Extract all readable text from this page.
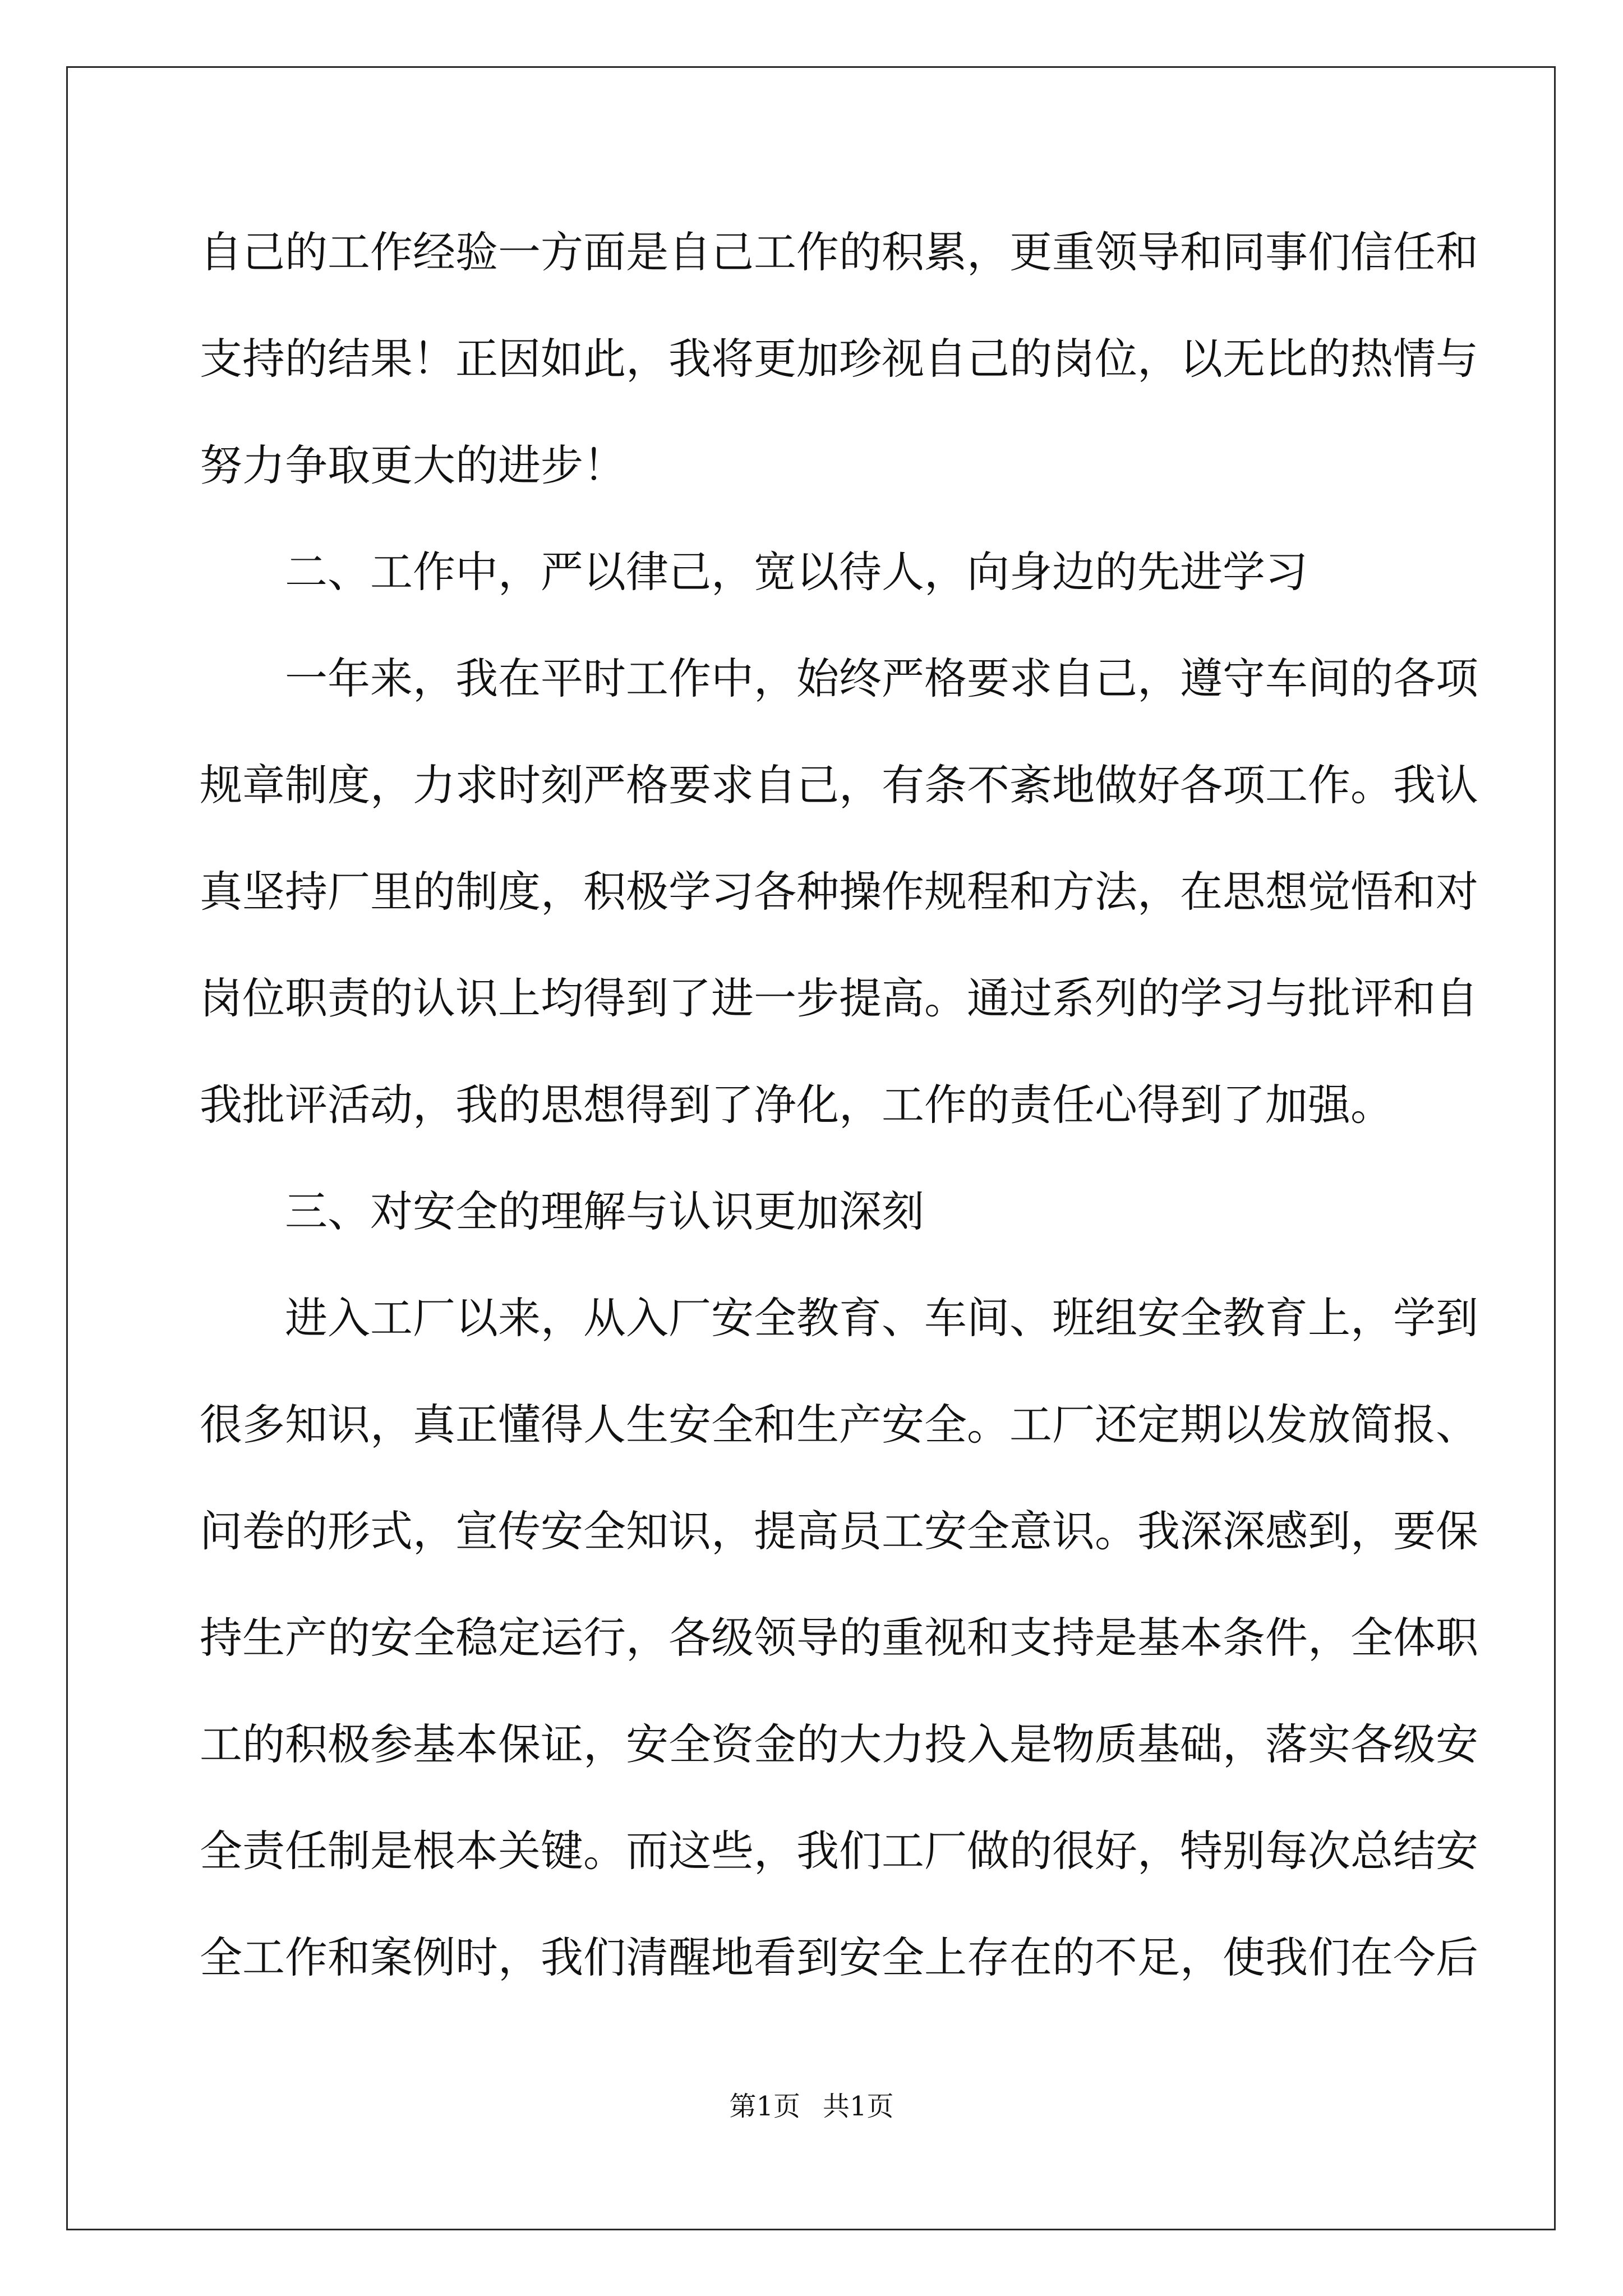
自己的工作经验一方面是自己工作的积累，更重领导和同事们信任和
支持的结果！正因如此，我将更加珍视自己的岗位，以无比的热情与
努力争取更大的进步！
二、工作中，严以律己，宽以待人，向身边的先进学习
一年来，我在平时工作中，始终严格要求自己，遵守车间的各项
规章制度，力求时刻严格要求自己，有条不紊地做好各项工作。我认
真坚持厂里的制度，积极学习各种操作规程和方法，在思想觉悟和对
岗位职责的认识上均得到了进一步提高。通过系列的学习与批评和自
我批评活动，我的思想得到了净化，工作的责任心得到了加强。
三、对安全的理解与认识更加深刻
进入工厂以来，从入厂安全教育、车间、班组安全教育上，学到
很多知识，真正懂得人生安全和生产安全。工厂还定期以发放简报、
问卷的形式，宣传安全知识，提高员工安全意识。我深深感到，要保
持生产的安全稳定运行，各级领导的重视和支持是基本条件，全体职
工的积极参基本保证，安全资金的大力投入是物质基础，落实各级安
全责任制是根本关键。而这些，我们工厂做的很好，特别每次总结安
全工作和案例时，我们清醒地看到安全上存在的不足，使我们在今后
第1页 共1页
